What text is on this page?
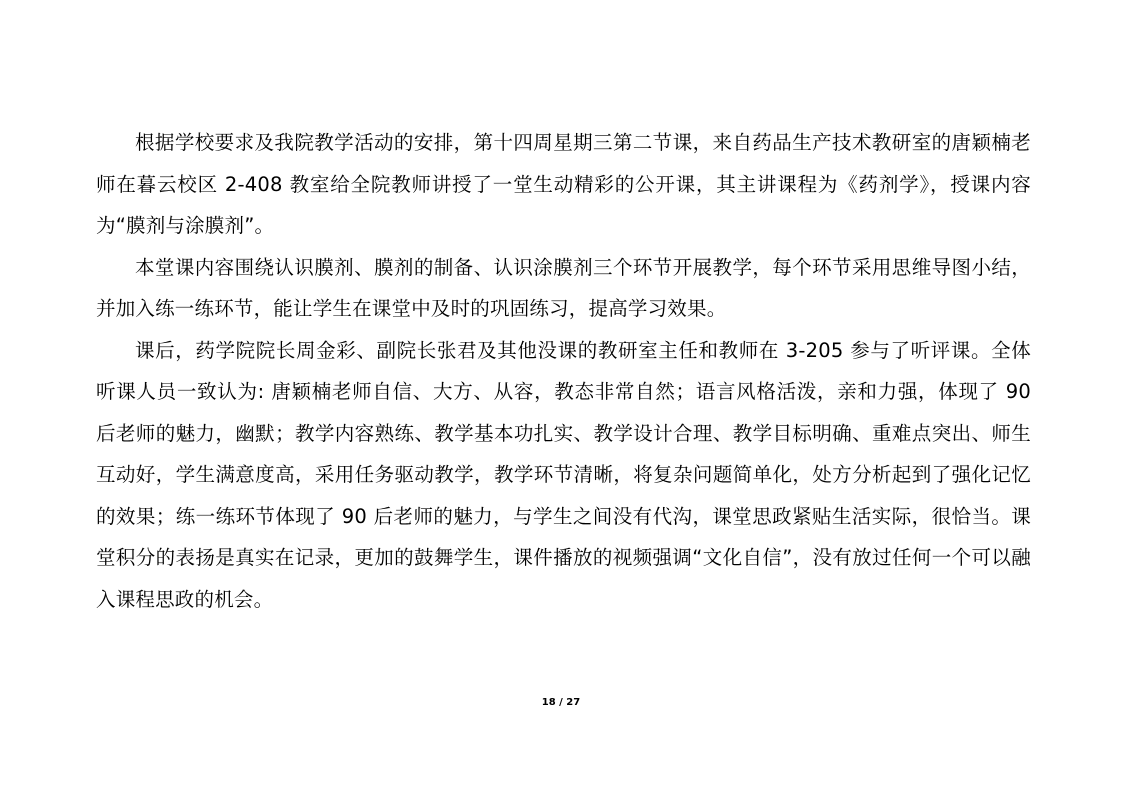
根据学校要求及我院教学活动的安排，第十四周星期三第二节课，来自药品生产技术教研室的唐颖楠老师在暮云校区 2-408 教室给全院教师讲授了一堂生动精彩的公开课，其主讲课程为《药剂学》，授课内容为“膜剂与涂膜剂”。

本堂课内容围绕认识膜剂、膜剂的制备、认识涂膜剂三个环节开展教学，每个环节采用思维导图小结，并加入练一练环节，能让学生在课堂中及时的巩固练习，提高学习效果。

课后，药学院院长周金彩、副院长张君及其他没课的教研室主任和教师在 3-205 参与了听评课。全体听课人员一致认为: 唐颖楠老师自信、大方、从容，教态非常自然；语言风格活泼，亲和力强，体现了 90 后老师的魅力，幽默；教学内容熟练、教学基本功扎实、教学设计合理、教学目标明确、重难点突出、师生互动好，学生满意度高，采用任务驱动教学，教学环节清晰，将复杂问题简单化，处方分析起到了强化记忆的效果；练一练环节体现了 90 后老师的魅力，与学生之间没有代沟，课堂思政紧贴生活实际，很恰当。课堂积分的表扬是真实在记录，更加的鼓舞学生，课件播放的视频强调“文化自信”，没有放过任何一个可以融入课程思政的机会。

18 / 27
